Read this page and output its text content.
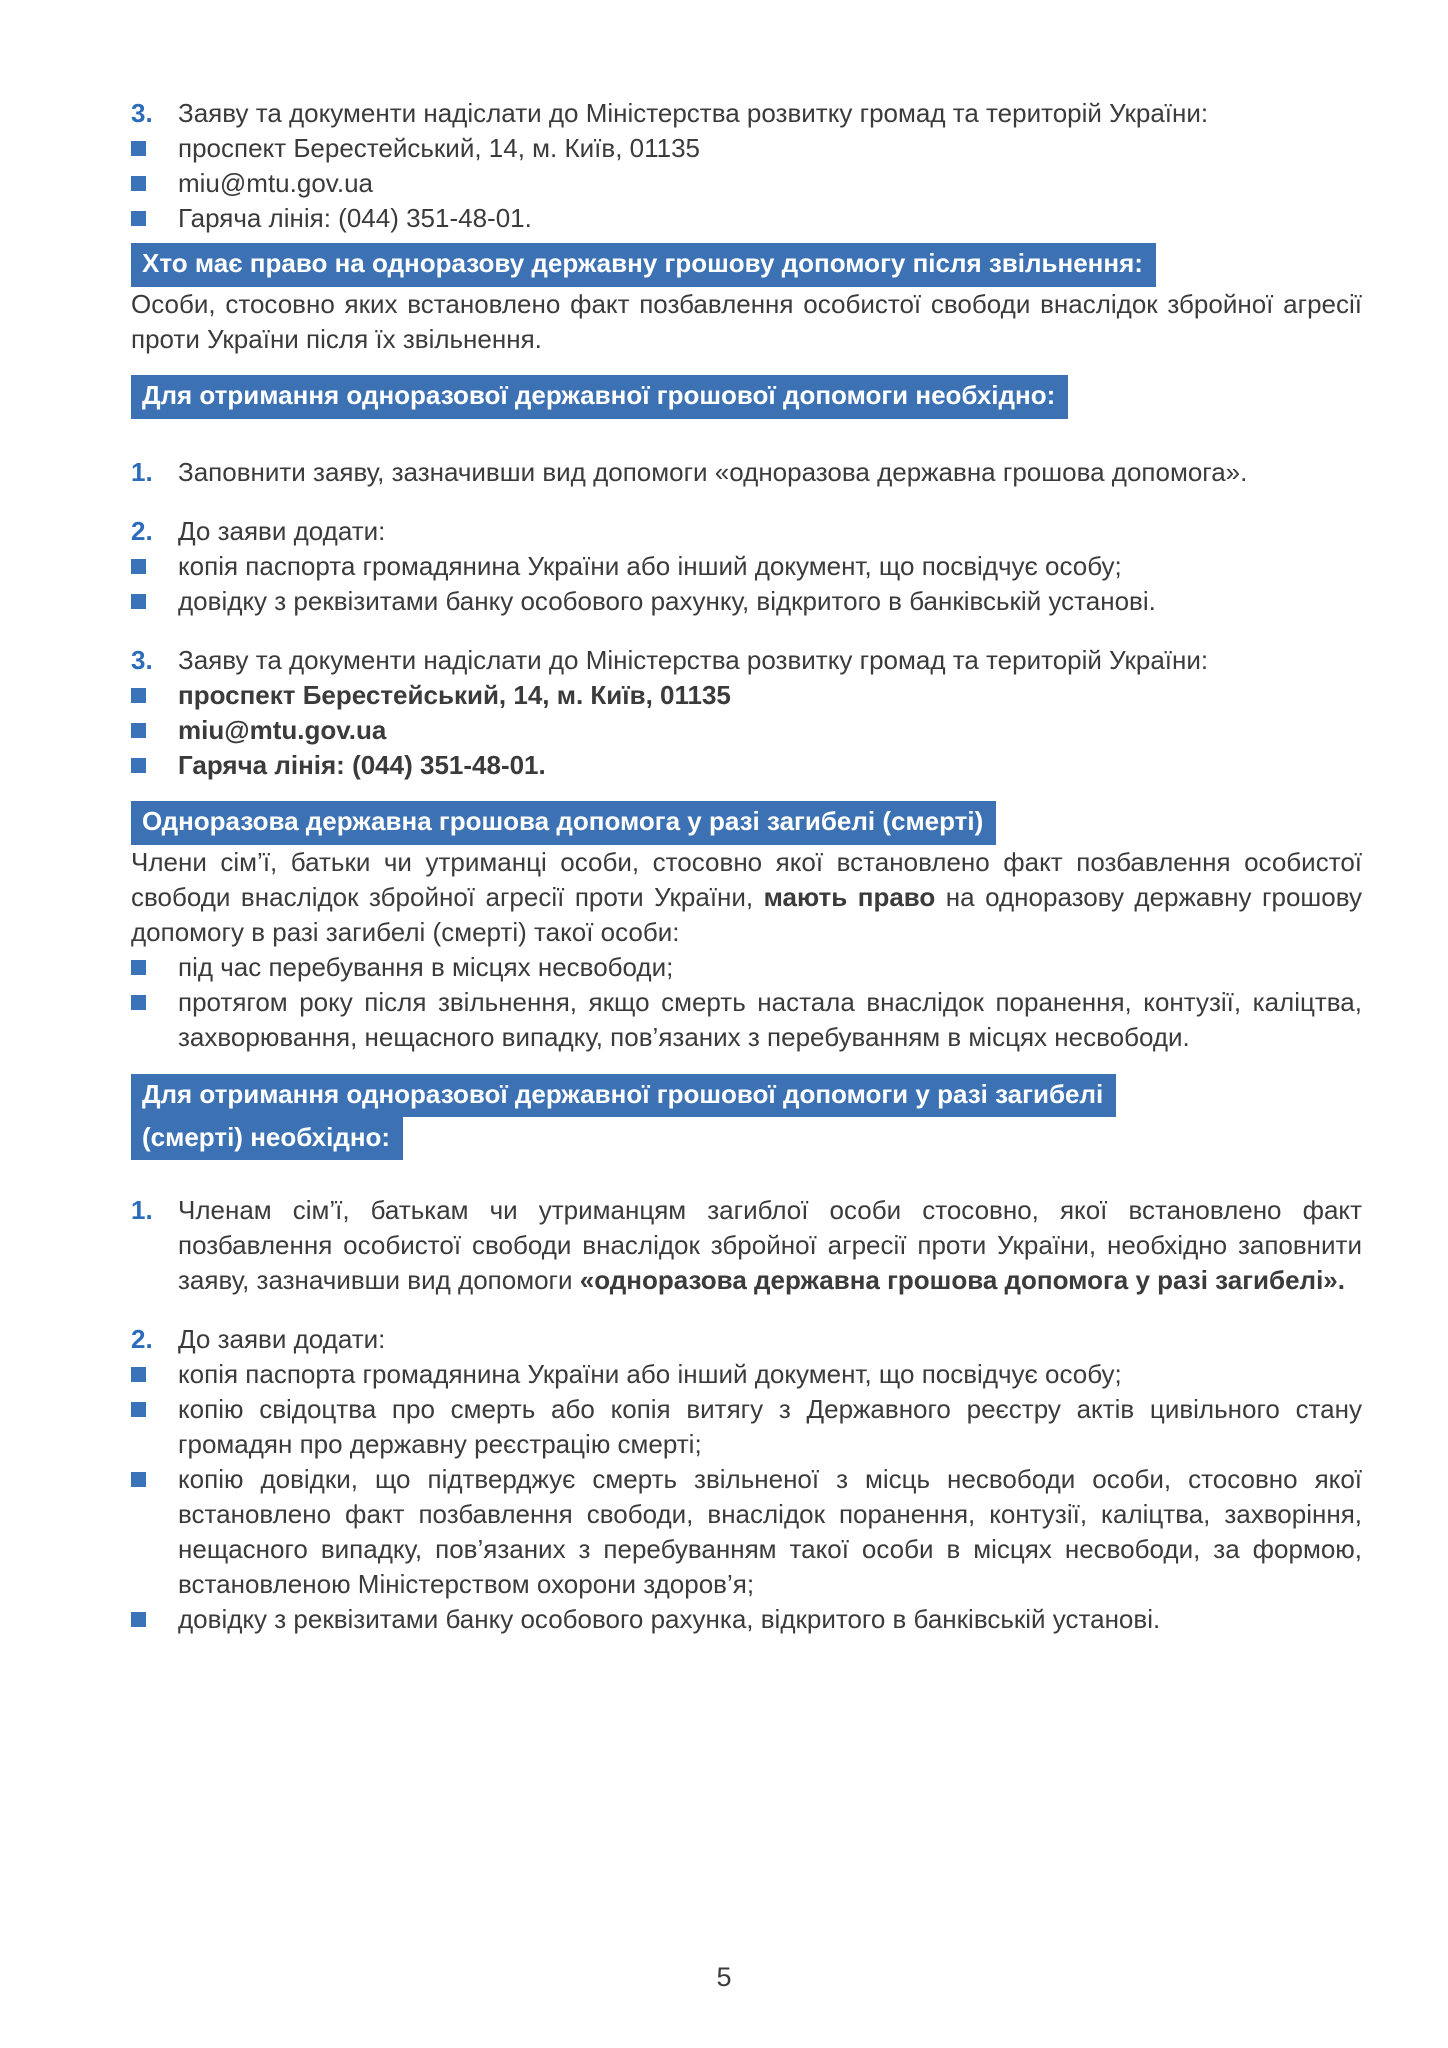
3. Заяву та документи надіслати до Міністерства розвитку громад та територій України:
проспект Берестейський, 14, м. Київ, 01135
miu@mtu.gov.ua
Гаряча лінія: (044) 351-48-01.
Хто має право на одноразову державну грошову допомогу після звільнення:

Особи, стосовно яких встановлено факт позбавлення особистої свободи внаслідок збройної агресії проти України після їх звільнення.

Для отримання одноразової державної грошової допомоги необхідно:
1. Заповнити заяву, зазначивши вид допомоги «одноразова державна грошова допомога».
2. До заяви додати:
копія паспорта громадянина України або інший документ, що посвідчує особу;
довідку з реквізитами банку особового рахунку, відкритого в банківській установі.
3. Заяву та документи надіслати до Міністерства розвитку громад та територій України:
проспект Берестейський, 14, м. Київ, 01135
miu@mtu.gov.ua
Гаряча лінія: (044) 351-48-01.
Одноразова державна грошова допомога у разі загибелі (смерті)

Члени сім’ї, батьки чи утриманці особи, стосовно якої встановлено факт позбавлення особистої свободи внаслідок збройної агресії проти України, мають право на одноразову державну грошову допомогу в разі загибелі (смерті) такої особи:

під час перебування в місцях несвободи;
протягом року після звільнення, якщо смерть настала внаслідок поранення, контузії, каліцтва, захворювання, нещасного випадку, пов’язаних з перебуванням в місцях несвободи.
Для отримання одноразової державної грошової допомоги у разі загибелі (смерті) необхідно:
1. Членам сім’ї, батькам чи утриманцям загиблої особи стосовно, якої встановлено факт позбавлення особистої свободи внаслідок збройної агресії проти України, необхідно заповнити заяву, зазначивши вид допомоги «одноразова державна грошова допомога у разі загибелі».
2. До заяви додати:
копія паспорта громадянина України або інший документ, що посвідчує особу;
копію свідоцтва про смерть або копія витягу з Державного реєстру актів цивільного стану громадян про державну реєстрацію смерті;
копію довідки, що підтверджує смерть звільненої з місць несвободи особи, стосовно якої встановлено факт позбавлення свободи, внаслідок поранення, контузії, каліцтва, захворіння, нещасного випадку, пов’язаних з перебуванням такої особи в місцях несвободи, за формою, встановленою Міністерством охорони здоров’я;
довідку з реквізитами банку особового рахунка, відкритого в банківській установі.
5
